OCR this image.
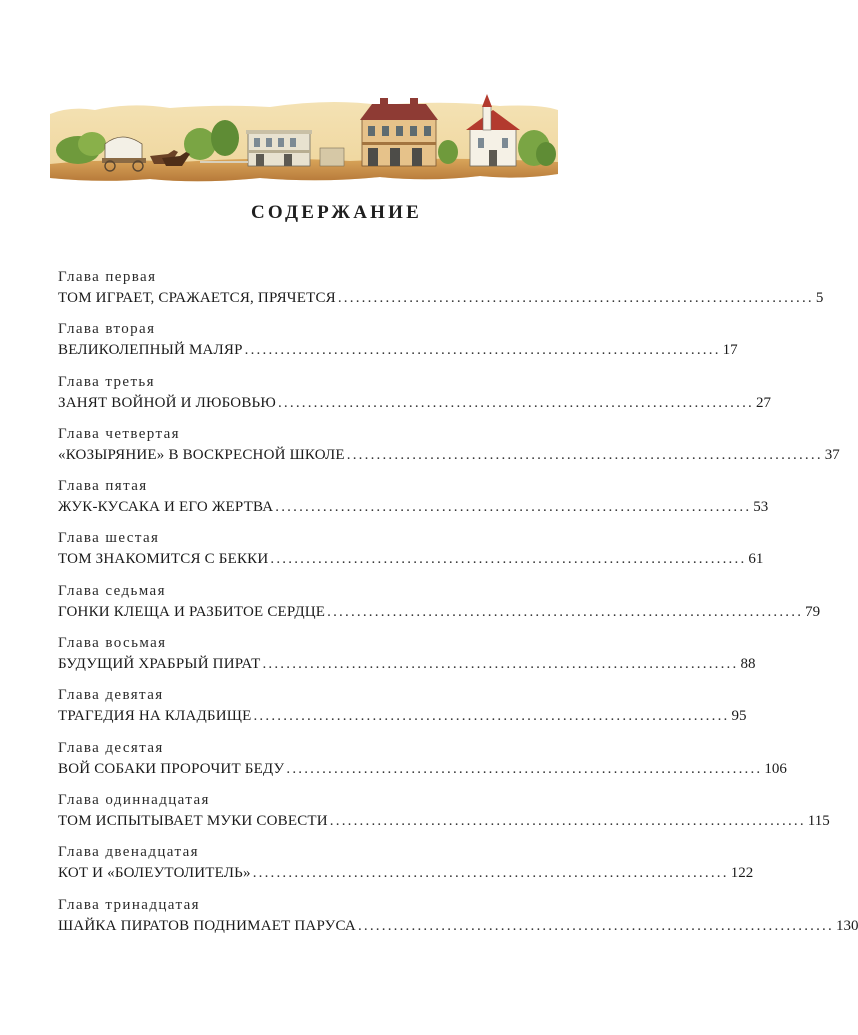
СОДЕРЖАНИЕ
Глава первая
ТОМ ИГРАЕТ, СРАЖАЕТСЯ, ПРЯЧЕТСЯ ................................................................................ 5
Глава вторая
ВЕЛИКОЛЕПНЫЙ МАЛЯР ................................................................................ 17
Глава третья
ЗАНЯТ ВОЙНОЙ И ЛЮБОВЬЮ ................................................................................ 27
Глава четвертая
«КОЗЫРЯНИЕ» В ВОСКРЕСНОЙ ШКОЛЕ ................................................................................ 37
Глава пятая
ЖУК-КУСАКА И ЕГО ЖЕРТВА ................................................................................ 53
Глава шестая
ТОМ ЗНАКОМИТСЯ С БЕККИ ................................................................................ 61
Глава седьмая
ГОНКИ КЛЕЩА И РАЗБИТОЕ СЕРДЦЕ ................................................................................ 79
Глава восьмая
БУДУЩИЙ ХРАБРЫЙ ПИРАТ ................................................................................ 88
Глава девятая
ТРАГЕДИЯ НА КЛАДБИЩЕ ................................................................................ 95
Глава десятая
ВОЙ СОБАКИ ПРОРОЧИТ БЕДУ ................................................................................ 106
Глава одиннадцатая
ТОМ ИСПЫТЫВАЕТ МУКИ СОВЕСТИ ................................................................................ 115
Глава двенадцатая
КОТ И «БОЛЕУТОЛИТЕЛЬ» ................................................................................ 122
Глава тринадцатая
ШАЙКА ПИРАТОВ ПОДНИМАЕТ ПАРУСА ................................................................................ 130
